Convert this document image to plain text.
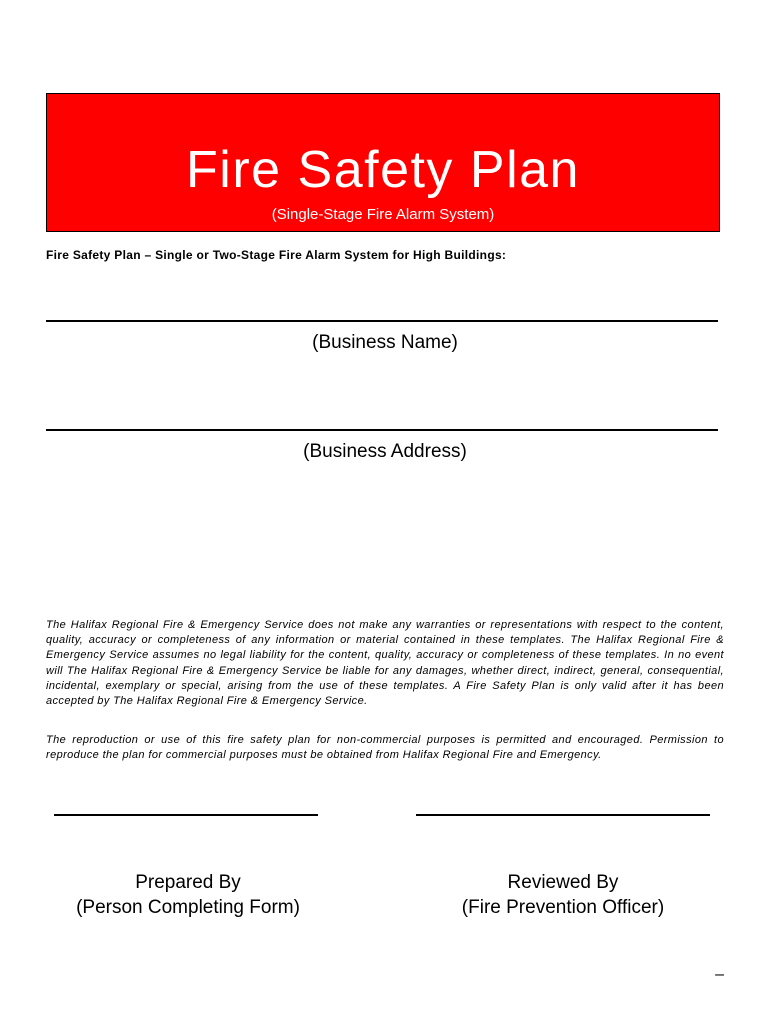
Fire Safety Plan
(Single-Stage Fire Alarm System)
Fire Safety Plan – Single or Two-Stage Fire Alarm System for High Buildings:
(Business Name)
(Business Address)
The Halifax Regional Fire & Emergency Service does not make any warranties or representations with respect to the content, quality, accuracy or completeness of any information or material contained in these templates. The Halifax Regional Fire & Emergency Service assumes no legal liability for the content, quality, accuracy or completeness of these templates. In no event will The Halifax Regional Fire & Emergency Service be liable for any damages, whether direct, indirect, general, consequential, incidental, exemplary or special, arising from the use of these templates. A Fire Safety Plan is only valid after it has been accepted by The Halifax Regional Fire & Emergency Service.
The reproduction or use of this fire safety plan for non-commercial purposes is permitted and encouraged. Permission to reproduce the plan for commercial purposes must be obtained from Halifax Regional Fire and Emergency.
Prepared By
(Person Completing Form)
Reviewed By
(Fire Prevention Officer)
–
